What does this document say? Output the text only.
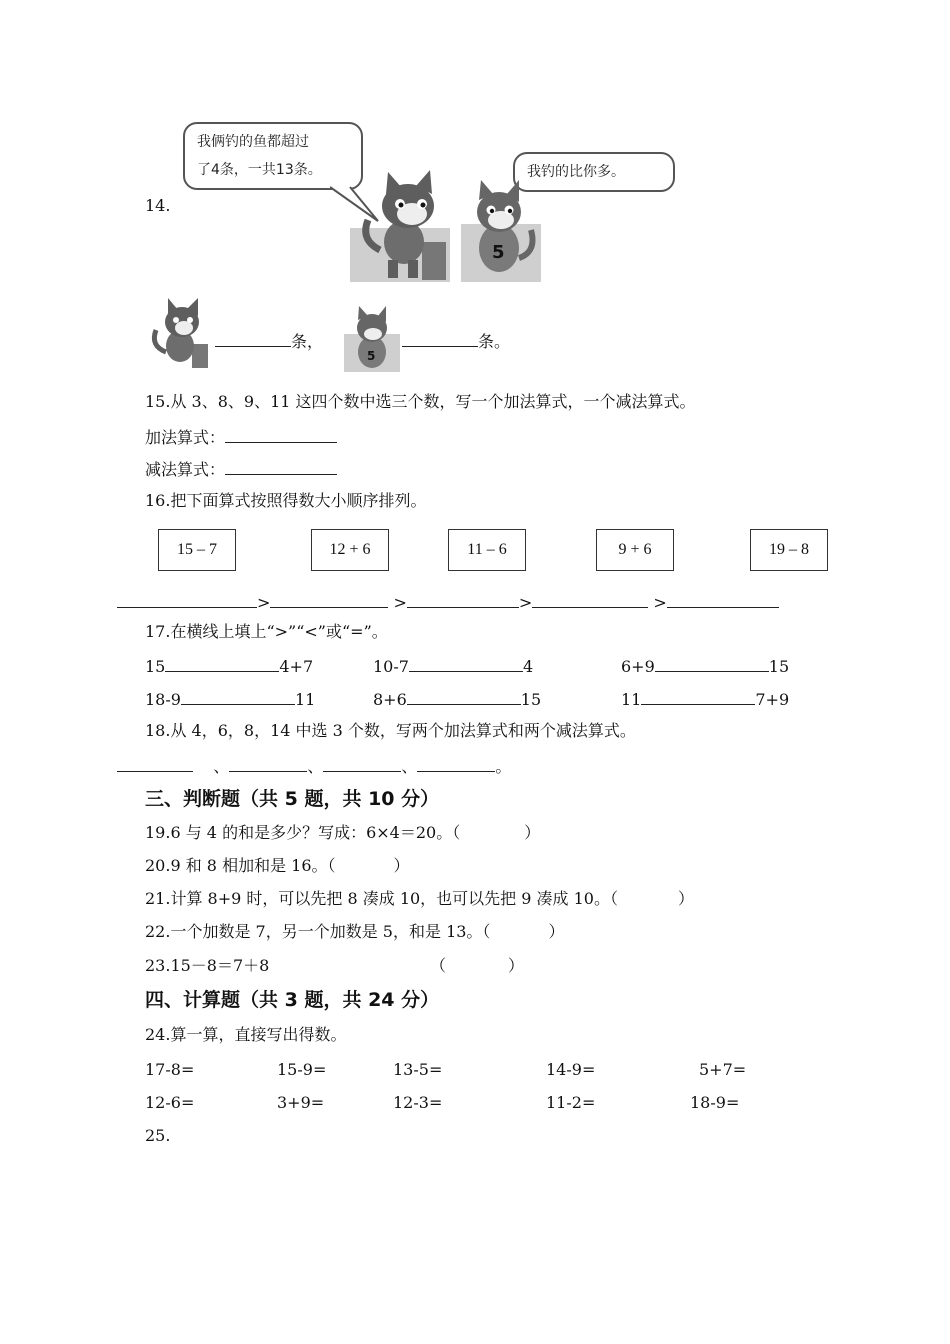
14.
我俩钓的鱼都超过
了4条，一共13条。	我钓的比你多。
5
条，
5
条。
15.从 3、8、9、11 这四个数中选三个数，写一个加法算式，一个减法算式。
加法算式：
减法算式：
16.把下面算式按照得数大小顺序排列。
15 – 7	12 + 6	11 – 6	9 + 6	19 – 8
>	>	>	>
17.在横线上填上“>”“<”或“=”。
15	4+7	10-7	4	6+9	15
18-9	11	8+6	15	11	7+9
18.从 4，6，8，14 中选 3 个数，写两个加法算式和两个减法算式。
、	、	、	。
三、判断题（共 5 题，共 10 分）
19.6 与 4 的和是多少？写成：6×4＝20。（	）
20.9 和 8 相加和是 16。（	）
21.计算 8+9 时，可以先把 8 凑成 10，也可以先把 9 凑成 10。（	）
22.一个加数是 7，另一个加数是 5，和是 13。（	）
23.15－8＝7＋8	（	）
四、计算题（共 3 题，共 24 分）
24.算一算，直接写出得数。
17-8=	15-9=	13-5=	14-9=	5+7=
12-6=	3+9=	12-3=	11-2=	18-9=
25.
